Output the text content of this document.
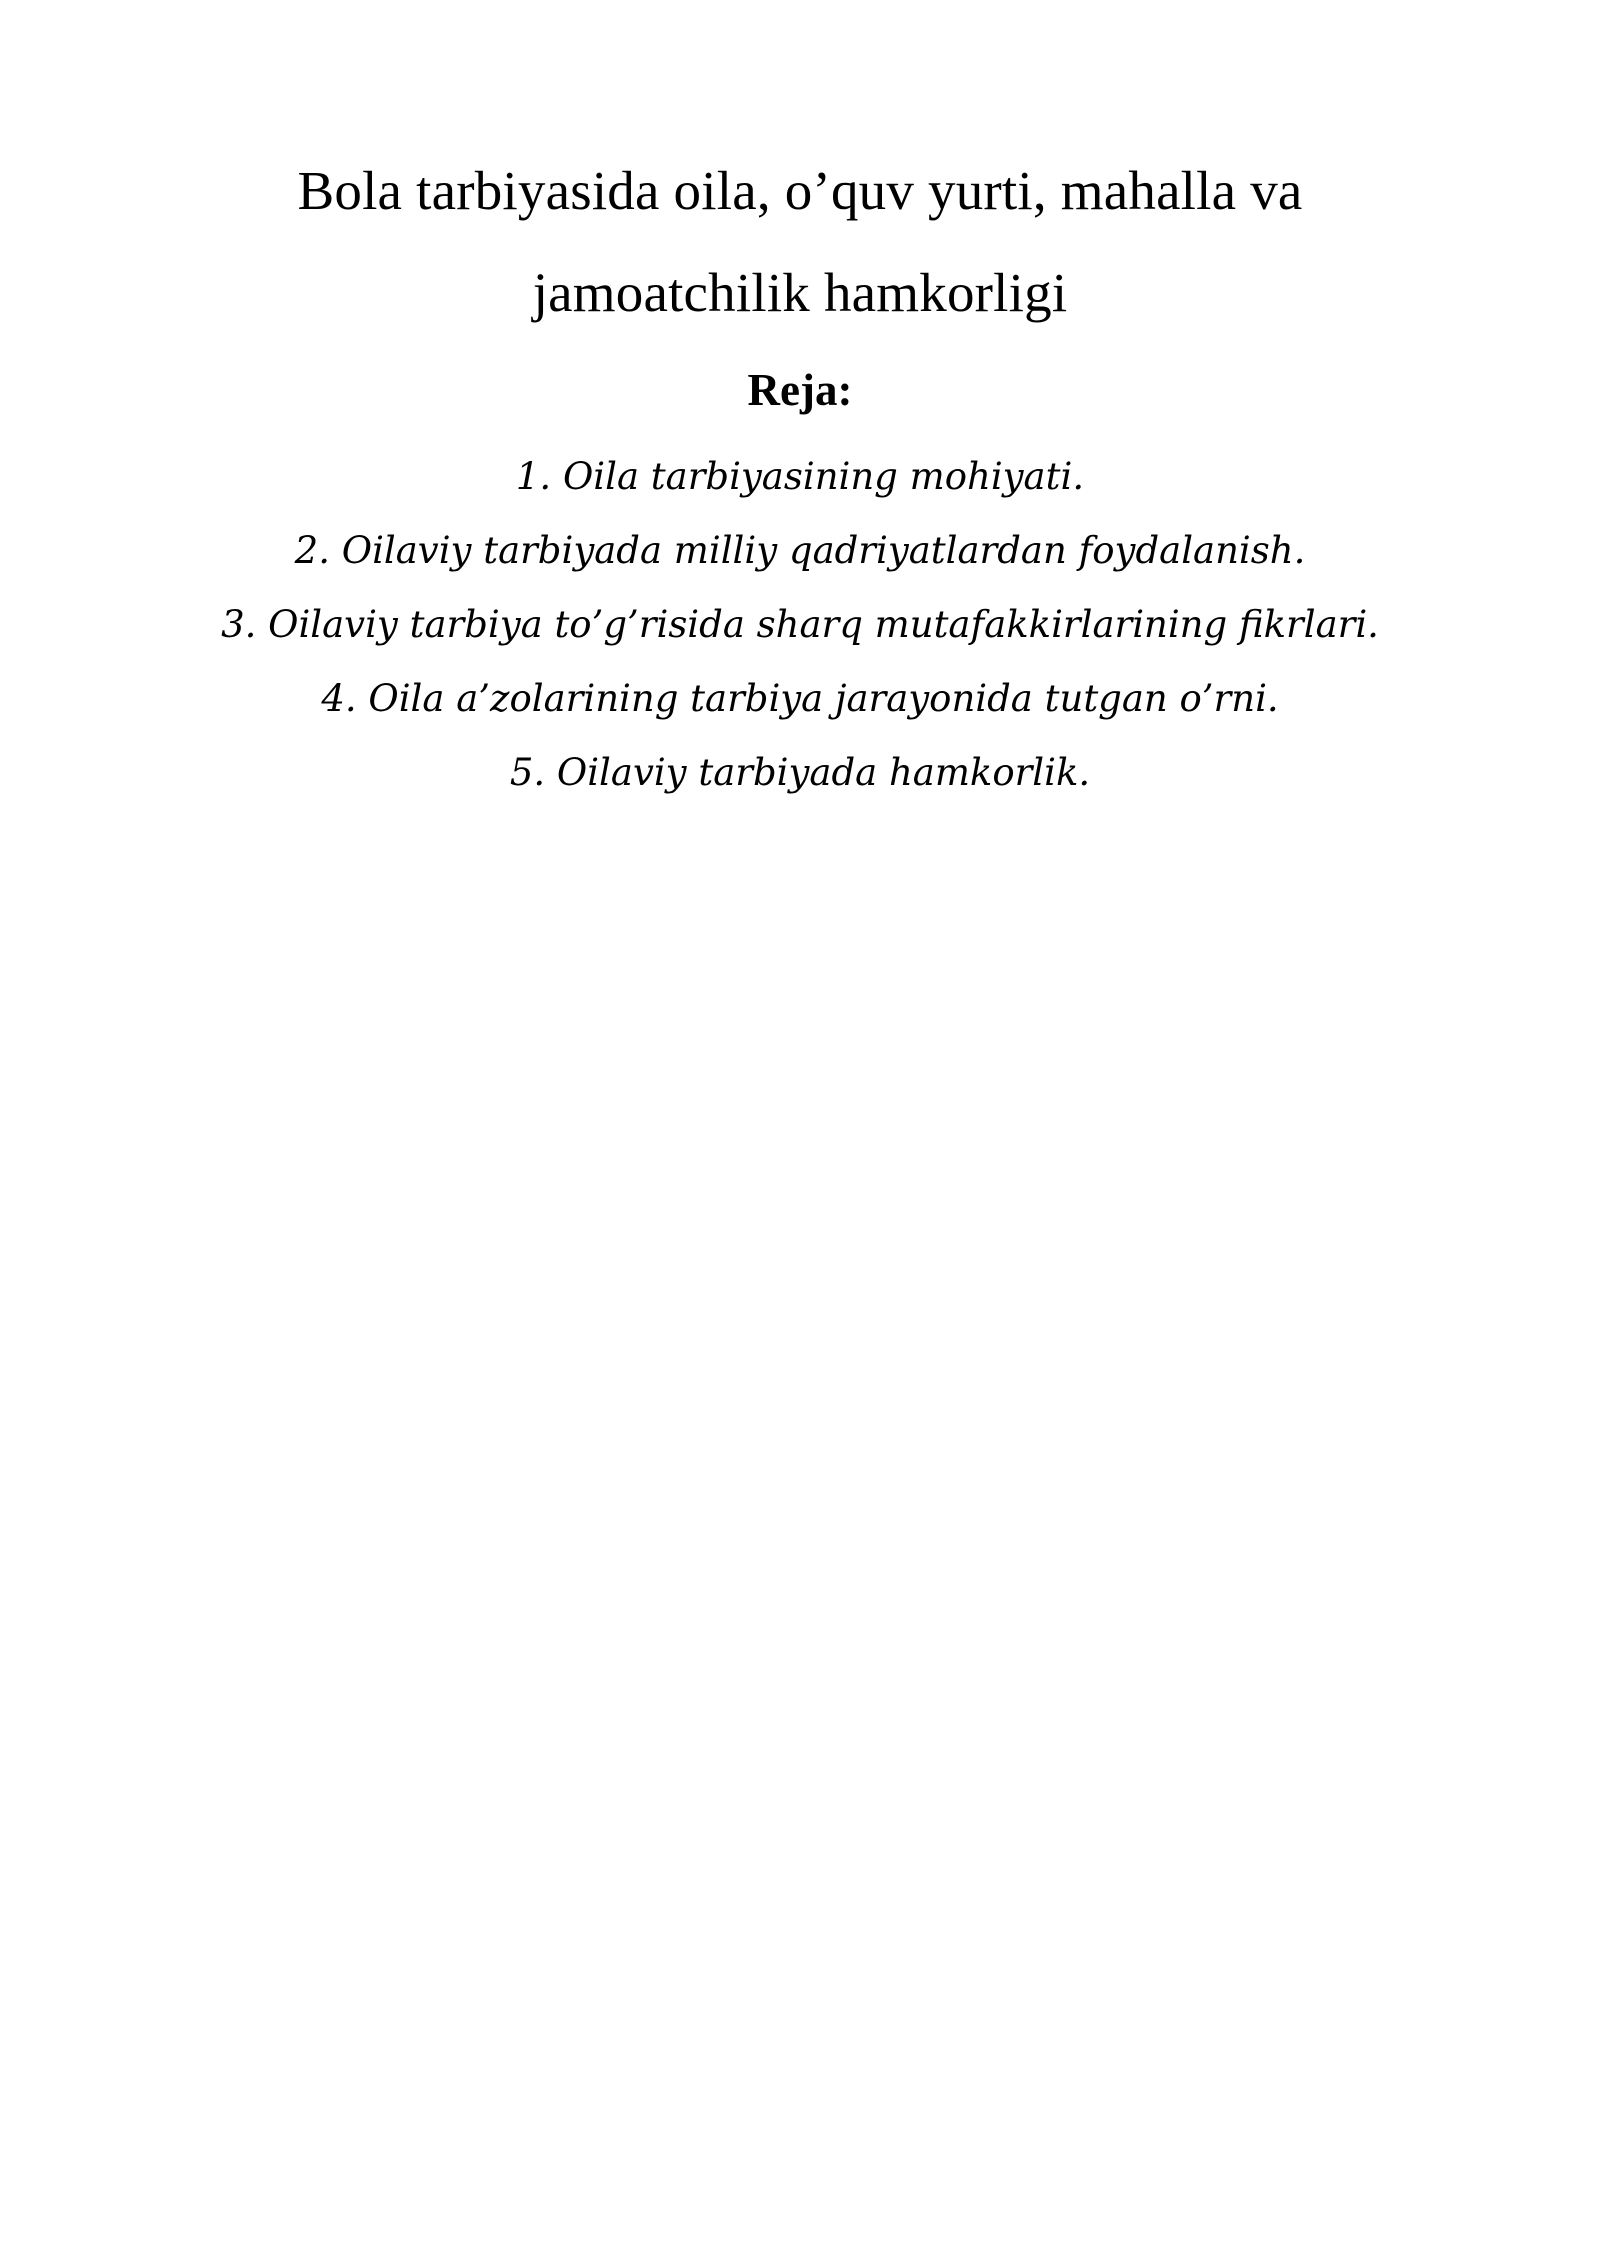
Bola tarbiyasida oila, o’quv yurti, mahalla va
jamoatchilik hamkorligi
Reja:
1. Oila tarbiyasining mohiyati.
2. Oilaviy tarbiyada milliy qadriyatlardan foydalanish.
3. Oilaviy tarbiya to’g’risida sharq mutafakkirlarining fikrlari.
4. Oila a’zolarining tarbiya jarayonida tutgan o’rni.
5. Oilaviy tarbiyada hamkorlik.
